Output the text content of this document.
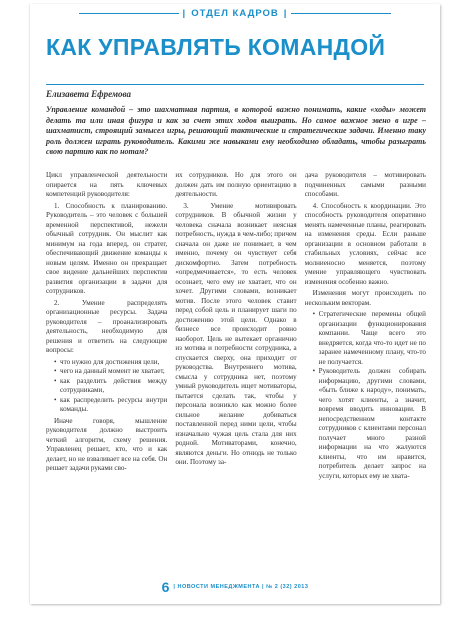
| ОТДЕЛ КАДРОВ |
КАК УПРАВЛЯТЬ КОМАНДОЙ
Елизавета Ефремова
Управление командой – это шахматная партия, в которой важно понимать, какие «ходы» может делать та или иная фигура и как за счет этих ходов выиграть. Но самое важное звено в игре – шахматист, строящий замысел игры, решающий тактические и стратегические задачи. Именно таку роль должен играть руководитель. Какими же навыками ему необходимо обладать, чтобы разыграть свою партию как по нотам?

Цикл управленческой деятельности опирается на пять ключевых компетенций руководителя:

1. Способность к планированию. Руководитель – это человек с большей временной перспективой, нежели обычный сотрудник. Он мыслит как минимум на года вперед, он стратег, обеспечивающий движение команды к новым целям. Именно он прекращает свое видение дальнейших перспектив развития организации в задачи для сотрудников.

2. Умение распределять организационные ресурсы. Задача руководителя – проанализировать деятельность, необходимую для решения и ответить на следующие вопросы:

• что нужно для достижения цели,
• чего на данный момент не хватает,
• как разделить действия между сотрудниками,
• как распределить ресурсы внутри команды.

Иначе говоря, мышление руководителя должно выстроить четкий алгоритм, схему решения. Управленец решает, кто, что и как делает, но не взваливает все на себя. Он решает задачи руками сво-

их сотрудников. Но для этого он должен дать им полную ориентацию в деятельности.

3. Умение мотивировать сотрудников. В обычной жизни у человека сначала возникает неясная потребность, нужда в чем-либо; причем сначала он даже не понимает, в чем именно, почему он чувствует себя дискомфортно. Затем потребность «опредмечивается», то есть человек осознает, чего ему не хватает, что он хочет. Другими словами, возникает мотив. После этого человек ставит перед собой цель и планирует шаги по достижению этой цели. Однако в бизнесе все происходит ровно наоборот. Цель не вытекает органично из мотива и потребности сотрудника, а спускается сверху, она приходит от руководства. Внутреннего мотива, смысла у сотрудника нет, поэтому умный руководитель ищет мотиваторы, пытается сделать так, чтобы у персонала возникло как можно более сильное желание добиваться поставленной перед ними цели, чтобы изначально чужая цель стала для них родной. Мотиваторами, конечно, являются деньги. Но отнюдь не только они. Поэтому за-

дача руководителя – мотивировать подчиненных самыми разными способами.

4. Способность к координации. Это способность руководителя оперативно менять намеченные планы, реагировать на изменения среды. Если раньше организации в основном работали в стабильных условиях, сейчас все молниеносно меняется, поэтому умение управляющего чувствовать изменения особенно важно.

Изменения могут происходить по нескольким векторам.

• Стратегические перемены общей организации функционирования компании. Чаще всего это внедряется, когда что-то идет не по заранее намеченному плану, что-то не получается.
• Руководитель должен собирать информацию, другими словами, «быть ближе к народу», понимать, чего хотят клиенты, а значит, вовремя вводить инновации. В непосредственном контакте сотрудников с клиентами персонал получает много разной информации на что жалуются клиенты, что им нравится, потребитель делает запрос на услуги, которых ему не хвата-
6 | НОВОСТИ МЕНЕДЖМЕНТА | № 2 (32) 2013
